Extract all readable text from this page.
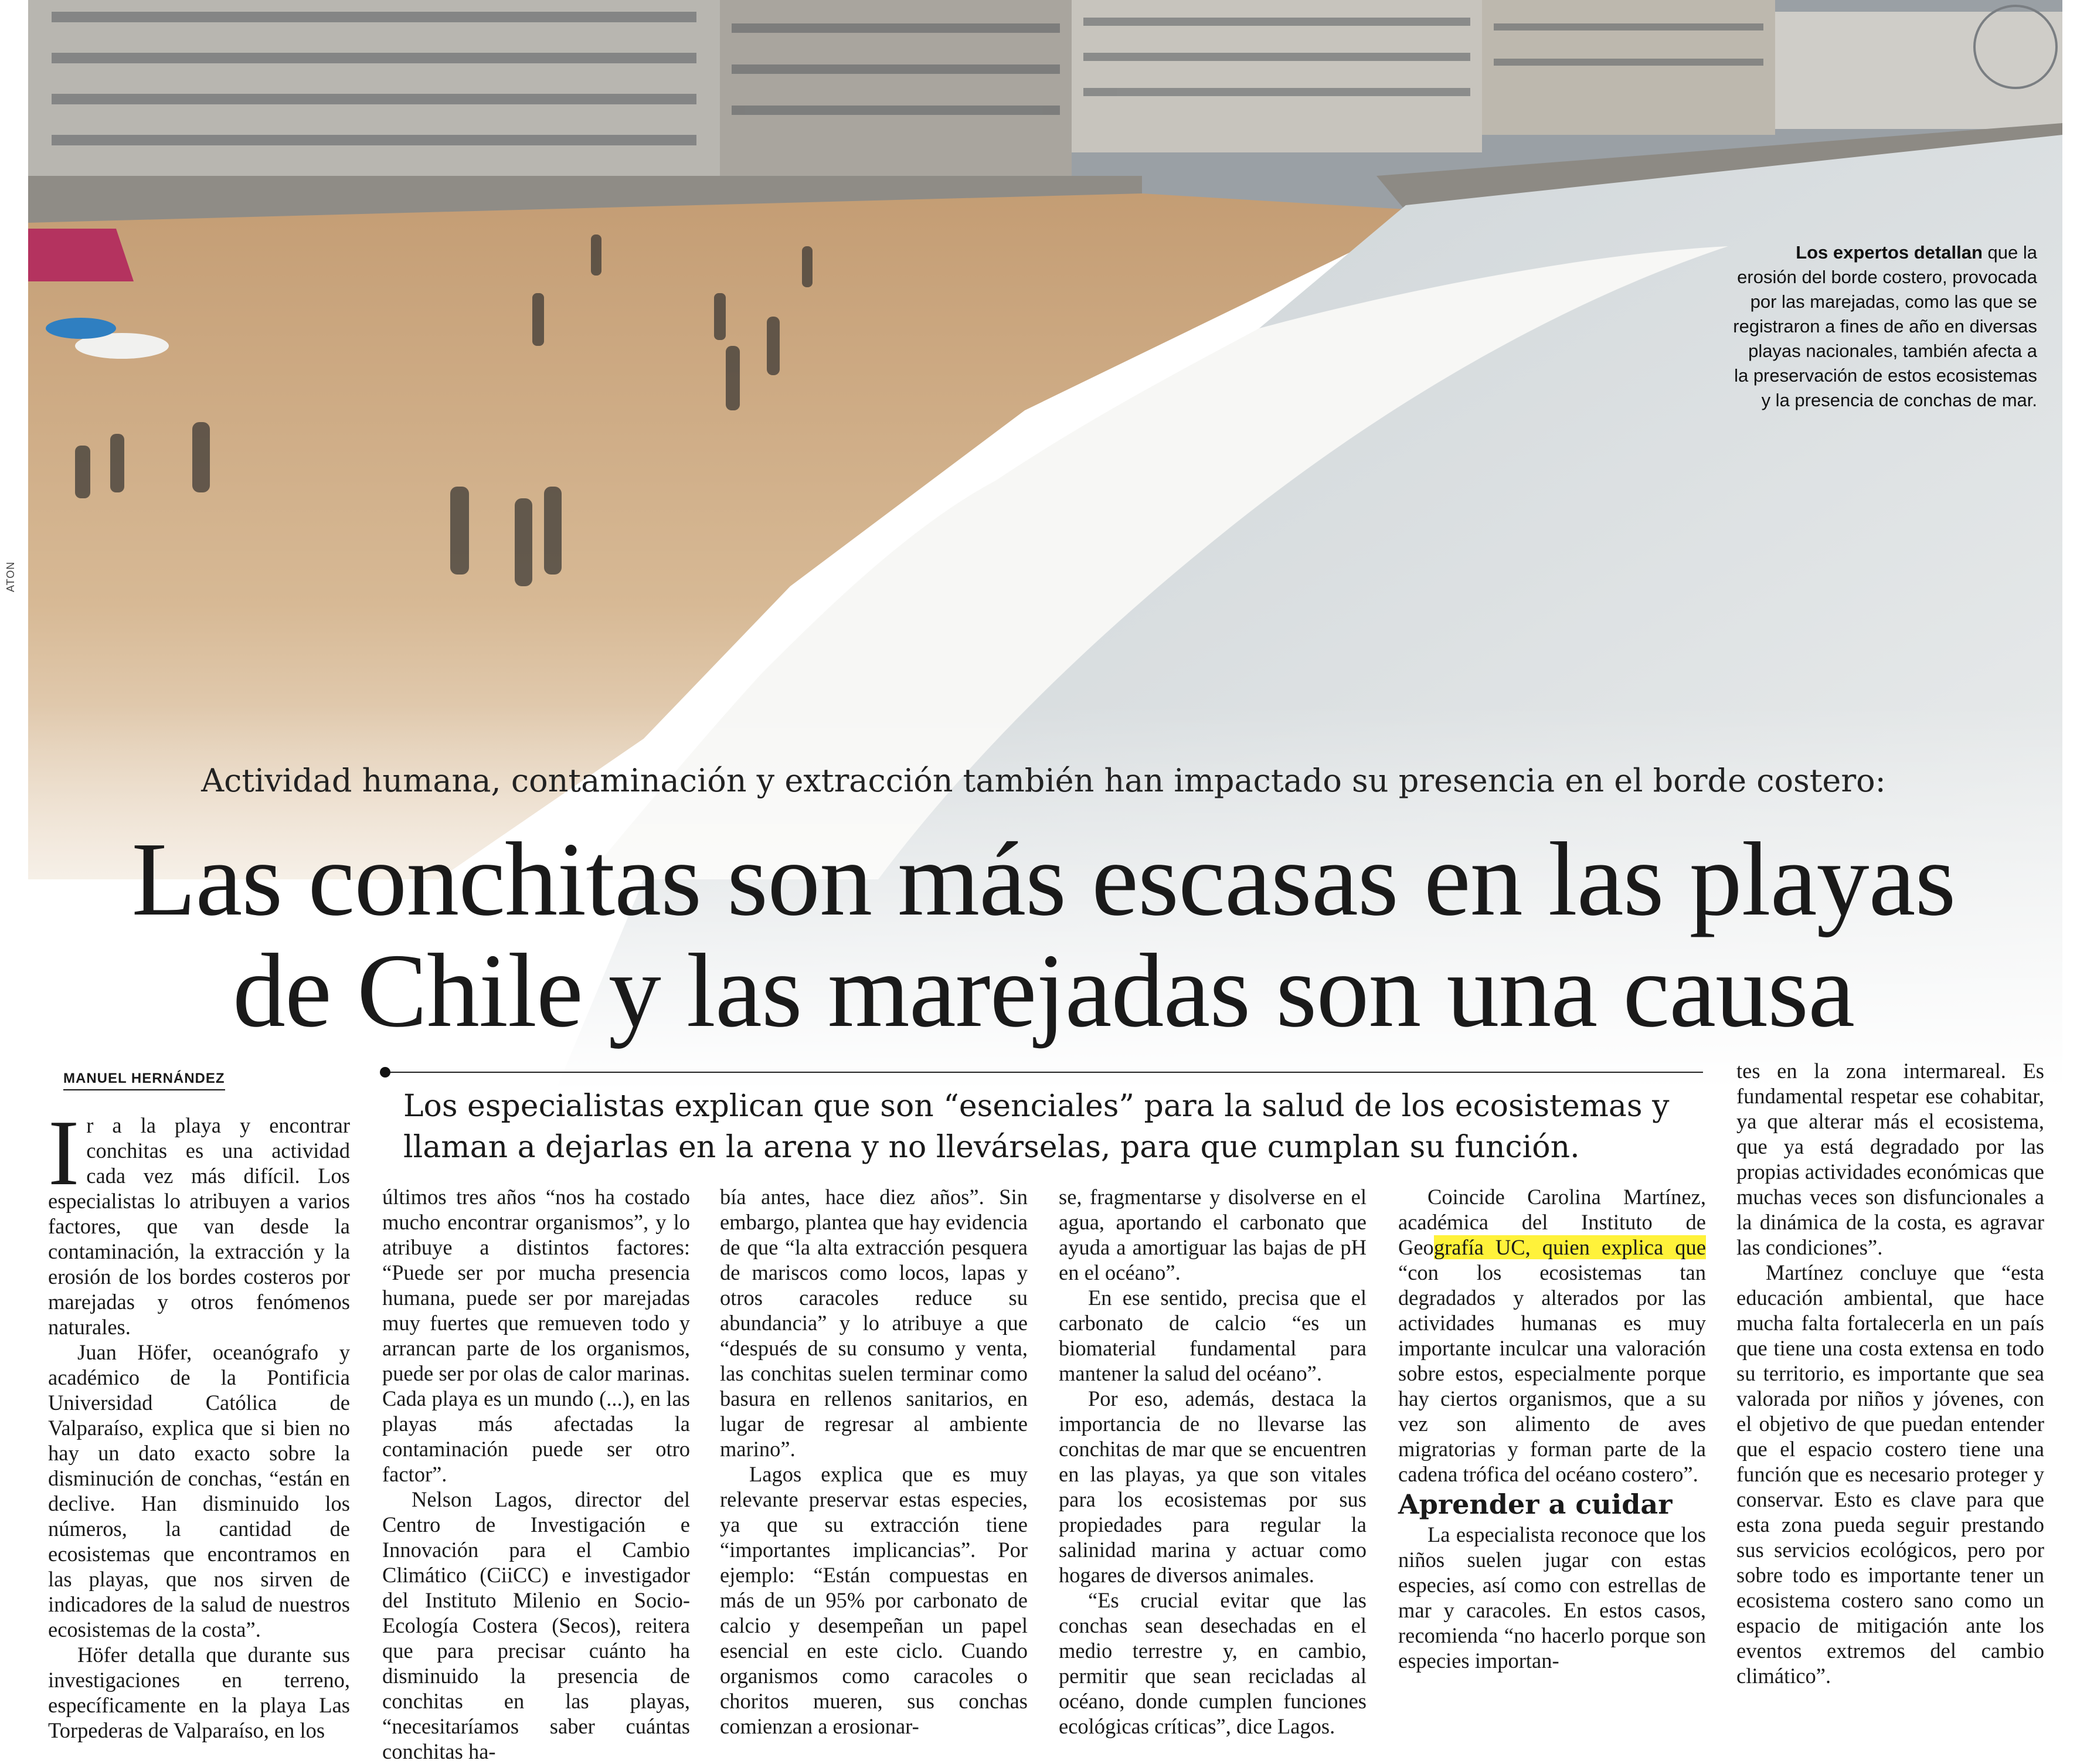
ATON
Los expertos detallan que la erosión del borde costero, provocada por las marejadas, como las que se registraron a fines de año en diversas playas nacionales, también afecta a la preservación de estos ecosistemas y la presencia de conchas de mar.
Actividad humana, contaminación y extracción también han impactado su presencia en el borde costero:
Las conchitas son más escasas en las playas
de Chile y las marejadas son una causa
MANUEL HERNÁNDEZ
Los especialistas explican que son “esenciales” para la salud de los ecosistemas y llaman a dejarlas en la arena y no llevárselas, para que cumplan su función.

Ir a la playa y encontrar conchitas es una actividad cada vez más difícil. Los especialistas lo atribuyen a varios factores, que van desde la contaminación, la extracción y la erosión de los bordes costeros por marejadas y otros fenómenos naturales.

Juan Höfer, oceanógrafo y académico de la Pontificia Universidad Católica de Valparaíso, explica que si bien no hay un dato exacto sobre la disminución de conchas, “están en declive. Han disminuido los números, la cantidad de ecosistemas que encontramos en las playas, que nos sirven de indicadores de la salud de nuestros ecosistemas de la costa”.

Höfer detalla que durante sus investigaciones en terreno, específicamente en la playa Las Torpederas de Valparaíso, en los

últimos tres años “nos ha costado mucho encontrar organismos”, y lo atribuye a distintos factores: “Puede ser por mucha presencia humana, puede ser por marejadas muy fuertes que remueven todo y arrancan parte de los organismos, puede ser por olas de calor marinas. Cada playa es un mundo (...), en las playas más afectadas la contaminación puede ser otro factor”.

Nelson Lagos, director del Centro de Investigación e Innovación para el Cambio Climático (CiiCC) e investigador del Instituto Milenio en Socio-Ecología Costera (Secos), reitera que para precisar cuánto ha disminuido la presencia de conchitas en las playas, “necesitaríamos saber cuántas conchitas ha-

bía antes, hace diez años”. Sin embargo, plantea que hay evidencia de que “la alta extracción pesquera de mariscos como locos, lapas y otros caracoles reduce su abundancia” y lo atribuye a que “después de su consumo y venta, las conchitas suelen terminar como basura en rellenos sanitarios, en lugar de regresar al ambiente marino”.

Lagos explica que es muy relevante preservar estas especies, ya que su extracción tiene “importantes implicancias”. Por ejemplo: “Están compuestas en más de un 95% por carbonato de calcio y desempeñan un papel esencial en este ciclo. Cuando organismos como caracoles o choritos mueren, sus conchas comienzan a erosionar-

se, fragmentarse y disolverse en el agua, aportando el carbonato que ayuda a amortiguar las bajas de pH en el océano”.

En ese sentido, precisa que el carbonato de calcio “es un biomaterial fundamental para mantener la salud del océano”.

Por eso, además, destaca la importancia de no llevarse las conchitas de mar que se encuentren en las playas, ya que son vitales para los ecosistemas por sus propiedades para regular la salinidad marina y actuar como hogares de diversos animales.

“Es crucial evitar que las conchas sean desechadas en el medio terrestre y, en cambio, permitir que sean recicladas al océano, donde cumplen funciones ecológicas críticas”, dice Lagos.

Coincide Carolina Martínez, académica del Instituto de Geografía UC, quien explica que “con los ecosistemas tan degradados y alterados por las actividades humanas es muy importante inculcar una valoración sobre estos, especialmente porque hay ciertos organismos, que a su vez son alimento de aves migratorias y forman parte de la cadena trófica del océano costero”.

Aprender a cuidar

La especialista reconoce que los niños suelen jugar con estas especies, así como con estrellas de mar y caracoles. En estos casos, recomienda “no hacerlo porque son especies importan-

tes en la zona intermareal. Es fundamental respetar ese cohabitar, ya que alterar más el ecosistema, que ya está degradado por las propias actividades económicas que muchas veces son disfuncionales a la dinámica de la costa, es agravar las condiciones”.

Martínez concluye que “esta educación ambiental, que hace mucha falta fortalecerla en un país que tiene una costa extensa en todo su territorio, es importante que sea valorada por niños y jóvenes, con el objetivo de que puedan entender que el espacio costero tiene una función que es necesario proteger y conservar. Esto es clave para que esta zona pueda seguir prestando sus servicios ecológicos, pero por sobre todo es importante tener un ecosistema costero sano como un espacio de mitigación ante los eventos extremos del cambio climático”.
